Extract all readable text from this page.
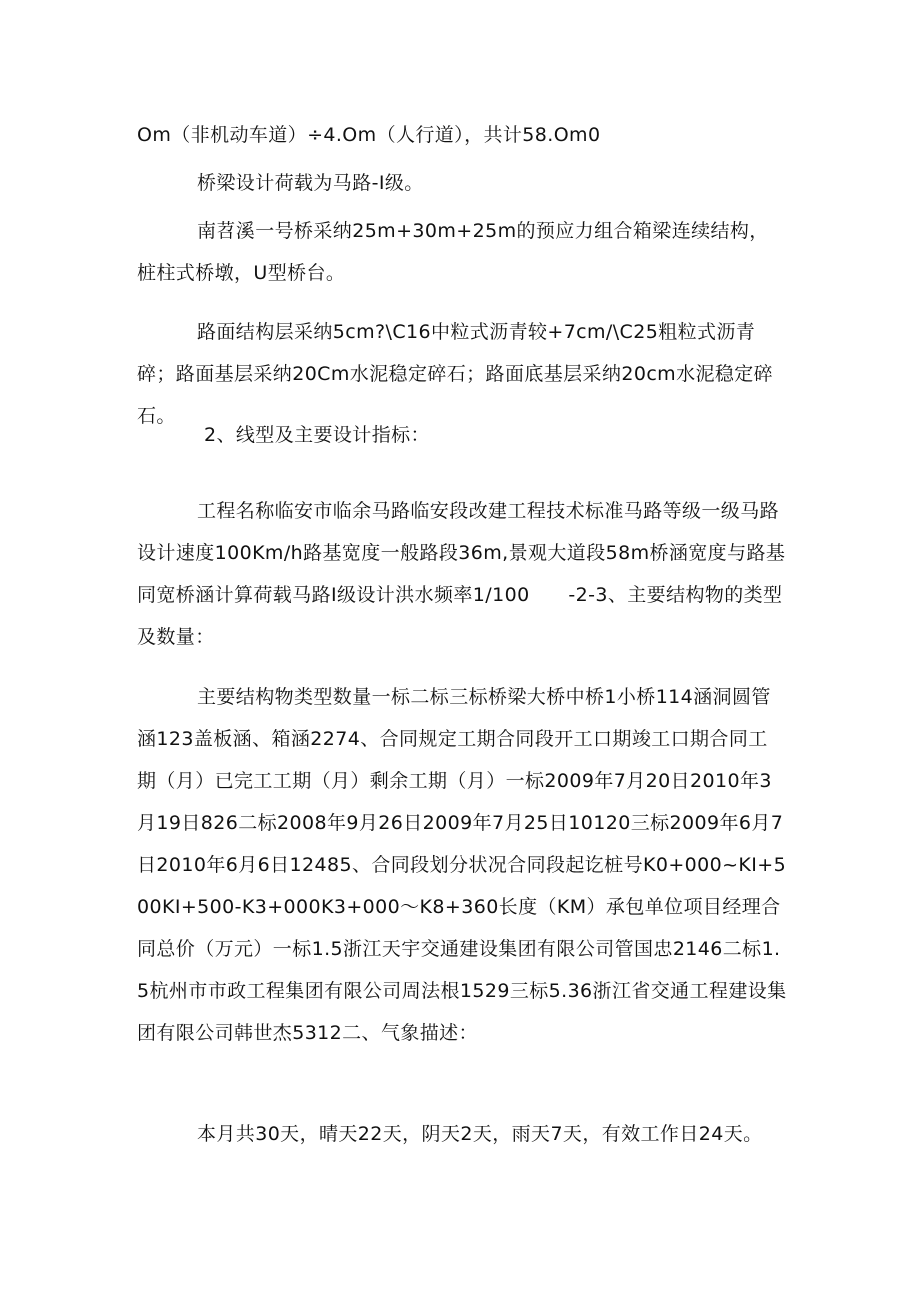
Om（非机动车道）÷4.Om（人行道），共计58.Om0

桥梁设计荷载为马路-I级。

南苕溪一号桥采纳25m+30m+25m的预应力组合箱梁连续结构，桩柱式桥墩，U型桥台。

路面结构层采纳5cm?\C16中粒式沥青较+7cm/\C25粗粒式沥青碎；路面基层采纳20Cm水泥稳定碎石；路面底基层采纳20cm水泥稳定碎石。

2、线型及主要设计指标：

工程名称临安市临余马路临安段改建工程技术标准马路等级一级马路设计速度100Km/h路基宽度一般路段36m,景观大道段58m桥涵宽度与路基同宽桥涵计算荷载马路I级设计洪水频率1/100　　-2-3、主要结构物的类型及数量：

主要结构物类型数量一标二标三标桥梁大桥中桥1小桥114涵洞圆管涵123盖板涵、箱涵2274、合同规定工期合同段开工口期竣工口期合同工期（月）已完工工期（月）剩余工期（月）一标2009年7月20日2010年3月19日826二标2008年9月26日2009年7月25日10120三标2009年6月7日2010年6月6日12485、合同段划分状况合同段起讫桩号K0+000~KI+500KI+500-K3+000K3+000～K8+360长度（KM）承包单位项目经理合同总价（万元）一标1.5浙江天宇交通建设集团有限公司管国忠2146二标1.5杭州市市政工程集团有限公司周法根1529三标5.36浙江省交通工程建设集团有限公司韩世杰5312二、气象描述：

本月共30天，晴天22天，阴天2天，雨天7天，有效工作日24天。
